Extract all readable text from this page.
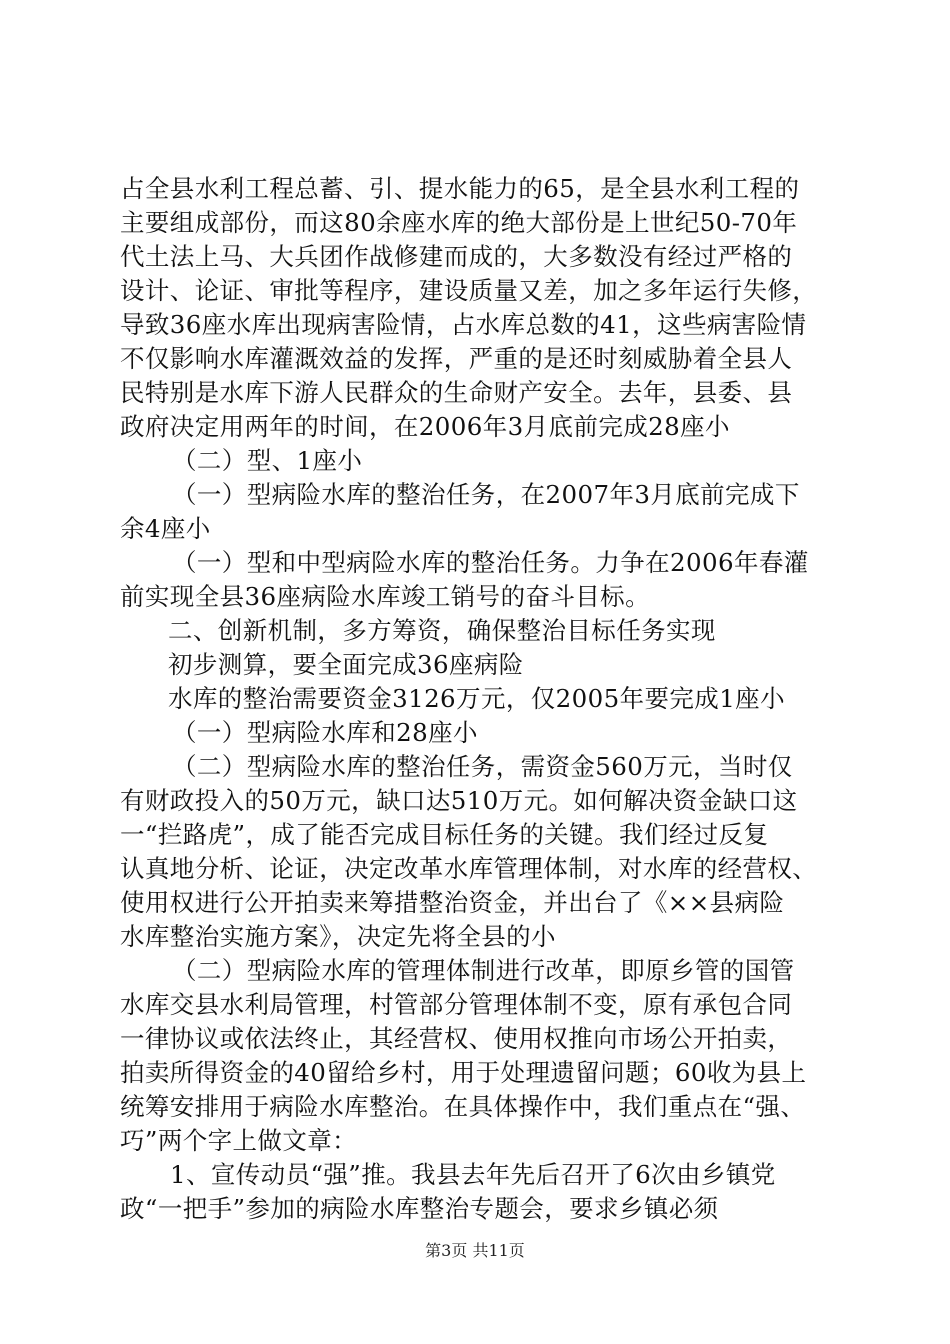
占全县水利工程总蓄、引、提水能力的65，是全县水利工程的
主要组成部份，而这80余座水库的绝大部份是上世纪50-70年
代土法上马、大兵团作战修建而成的，大多数没有经过严格的
设计、论证、审批等程序，建设质量又差，加之多年运行失修，
导致36座水库出现病害险情，占水库总数的41，这些病害险情
不仅影响水库灌溉效益的发挥，严重的是还时刻威胁着全县人
民特别是水库下游人民群众的生命财产安全。去年，县委、县
政府决定用两年的时间，在2006年3月底前完成28座小
（二）型、1座小
（一）型病险水库的整治任务，在2007年3月底前完成下
余4座小
（一）型和中型病险水库的整治任务。力争在2006年春灌
前实现全县36座病险水库竣工销号的奋斗目标。
二、创新机制，多方筹资，确保整治目标任务实现
初步测算，要全面完成36座病险
水库的整治需要资金3126万元，仅2005年要完成1座小
（一）型病险水库和28座小
（二）型病险水库的整治任务，需资金560万元，当时仅
有财政投入的50万元，缺口达510万元。如何解决资金缺口这
一“拦路虎”，成了能否完成目标任务的关键。我们经过反复
认真地分析、论证，决定改革水库管理体制，对水库的经营权、
使用权进行公开拍卖来筹措整治资金，并出台了《××县病险
水库整治实施方案》，决定先将全县的小
（二）型病险水库的管理体制进行改革，即原乡管的国管
水库交县水利局管理，村管部分管理体制不变，原有承包合同
一律协议或依法终止，其经营权、使用权推向市场公开拍卖，
拍卖所得资金的40留给乡村，用于处理遗留问题；60收为县上
统筹安排用于病险水库整治。在具体操作中，我们重点在“强、
巧”两个字上做文章：
1、宣传动员“强”推。我县去年先后召开了6次由乡镇党
政“一把手”参加的病险水库整治专题会，要求乡镇必须
第3页 共11页
